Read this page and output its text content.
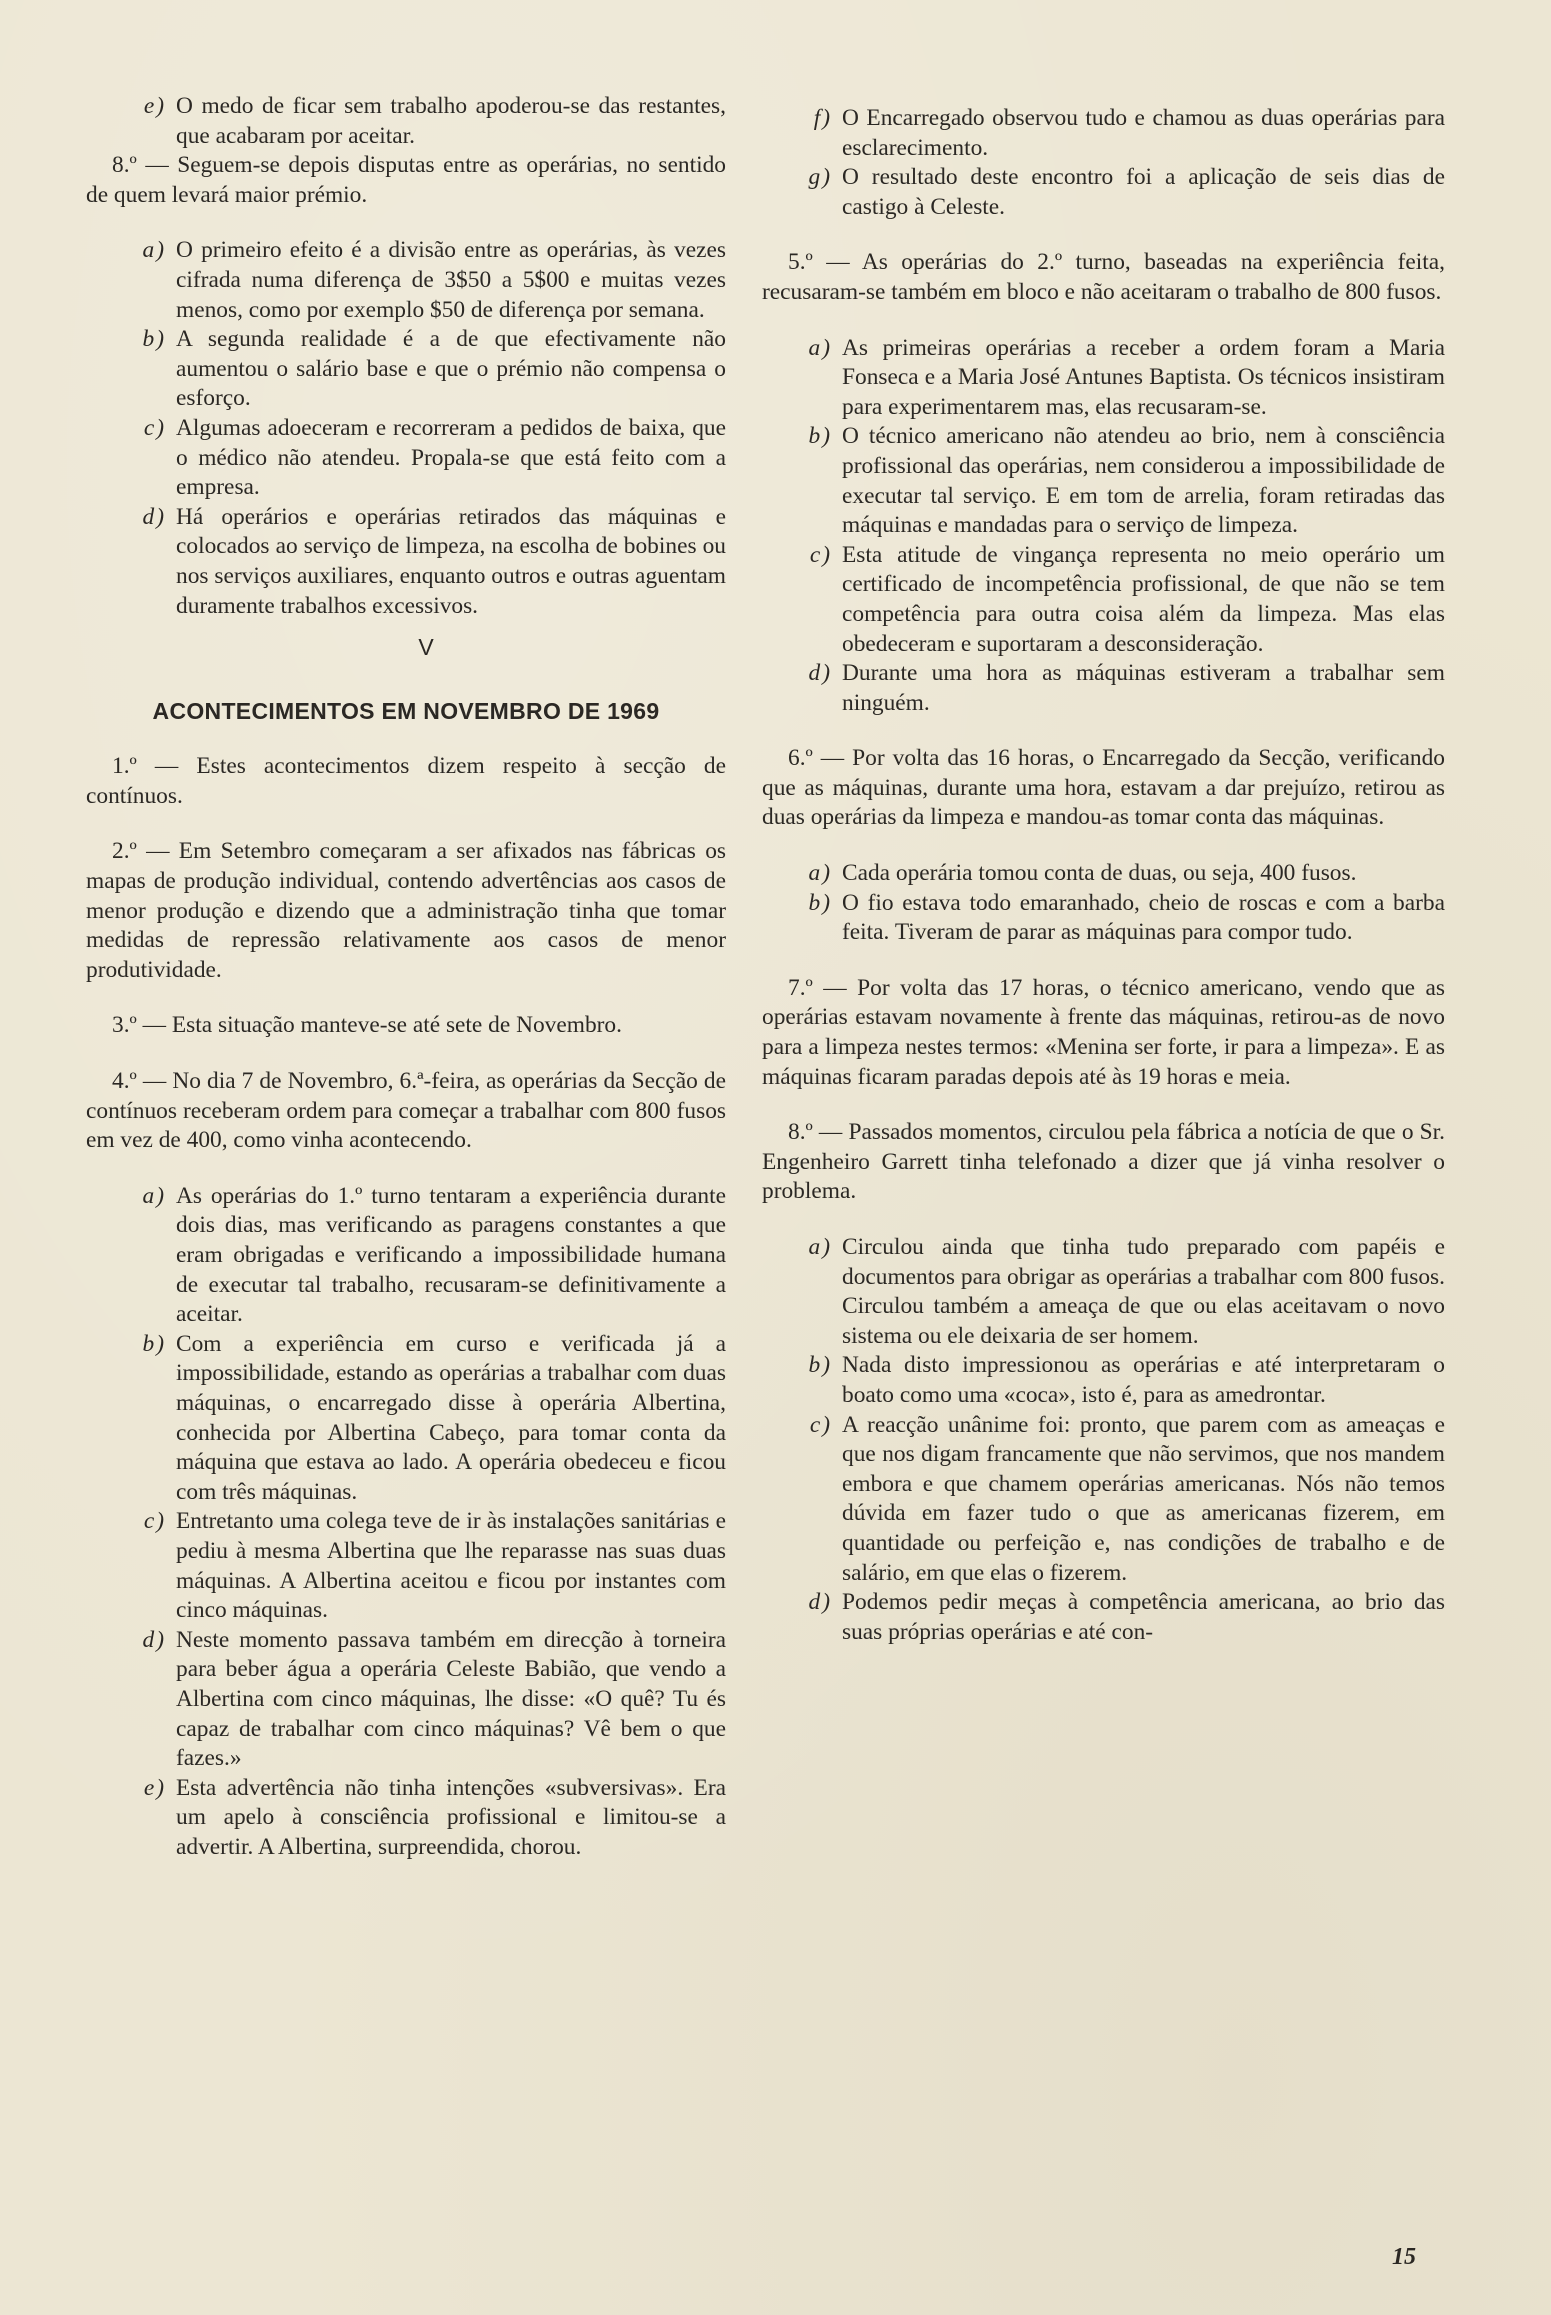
e) O medo de ficar sem trabalho apoderou-se das restantes, que acabaram por aceitar.

8.º — Seguem-se depois disputas entre as operárias, no sentido de quem levará maior prémio.

a) O primeiro efeito é a divisão entre as operárias, às vezes cifrada numa diferença de 3$50 a 5$00 e muitas vezes menos, como por exemplo $50 de diferença por semana.

b) A segunda realidade é a de que efectivamente não aumentou o salário base e que o prémio não compensa o esforço.

c) Algumas adoeceram e recorreram a pedidos de baixa, que o médico não atendeu. Propala-se que está feito com a empresa.

d) Há operários e operárias retirados das máquinas e colocados ao serviço de limpeza, na escolha de bobines ou nos serviços auxiliares, enquanto outros e outras aguentam duramente trabalhos excessivos.

V

ACONTECIMENTOS EM NOVEMBRO DE 1969

1.º — Estes acontecimentos dizem respeito à secção de contínuos.

2.º — Em Setembro começaram a ser afixados nas fábricas os mapas de produção individual, contendo advertências aos casos de menor produção e dizendo que a administração tinha que tomar medidas de repressão relativamente aos casos de menor produtividade.

3.º — Esta situação manteve-se até sete de Novembro.

4.º — No dia 7 de Novembro, 6.ª-feira, as operárias da Secção de contínuos receberam ordem para começar a trabalhar com 800 fusos em vez de 400, como vinha acontecendo.

a) As operárias do 1.º turno tentaram a experiência durante dois dias, mas verificando as paragens constantes a que eram obrigadas e verificando a impossibilidade humana de executar tal trabalho, recusaram-se definitivamente a aceitar.

b) Com a experiência em curso e verificada já a impossibilidade, estando as operárias a trabalhar com duas máquinas, o encarregado disse à operária Albertina, conhecida por Albertina Cabeço, para tomar conta da máquina que estava ao lado. A operária obedeceu e ficou com três máquinas.

c) Entretanto uma colega teve de ir às instalações sanitárias e pediu à mesma Albertina que lhe reparasse nas suas duas máquinas. A Albertina aceitou e ficou por instantes com cinco máquinas.

d) Neste momento passava também em direcção à torneira para beber água a operária Celeste Babião, que vendo a Albertina com cinco máquinas, lhe disse: «O quê? Tu és capaz de trabalhar com cinco máquinas? Vê bem o que fazes.»

e) Esta advertência não tinha intenções «subversivas». Era um apelo à consciência profissional e limitou-se a advertir. A Albertina, surpreendida, chorou.

f) O Encarregado observou tudo e chamou as duas operárias para esclarecimento.

g) O resultado deste encontro foi a aplicação de seis dias de castigo à Celeste.

5.º — As operárias do 2.º turno, baseadas na experiência feita, recusaram-se também em bloco e não aceitaram o trabalho de 800 fusos.

a) As primeiras operárias a receber a ordem foram a Maria Fonseca e a Maria José Antunes Baptista. Os técnicos insistiram para experimentarem mas, elas recusaram-se.

b) O técnico americano não atendeu ao brio, nem à consciência profissional das operárias, nem considerou a impossibilidade de executar tal serviço. E em tom de arrelia, foram retiradas das máquinas e mandadas para o serviço de limpeza.

c) Esta atitude de vingança representa no meio operário um certificado de incompetência profissional, de que não se tem competência para outra coisa além da limpeza. Mas elas obedeceram e suportaram a desconsideração.

d) Durante uma hora as máquinas estiveram a trabalhar sem ninguém.

6.º — Por volta das 16 horas, o Encarregado da Secção, verificando que as máquinas, durante uma hora, estavam a dar prejuízo, retirou as duas operárias da limpeza e mandou-as tomar conta das máquinas.

a) Cada operária tomou conta de duas, ou seja, 400 fusos.

b) O fio estava todo emaranhado, cheio de roscas e com a barba feita. Tiveram de parar as máquinas para compor tudo.

7.º — Por volta das 17 horas, o técnico americano, vendo que as operárias estavam novamente à frente das máquinas, retirou-as de novo para a limpeza nestes termos: «Menina ser forte, ir para a limpeza». E as máquinas ficaram paradas depois até às 19 horas e meia.

8.º — Passados momentos, circulou pela fábrica a notícia de que o Sr. Engenheiro Garrett tinha telefonado a dizer que já vinha resolver o problema.

a) Circulou ainda que tinha tudo preparado com papéis e documentos para obrigar as operárias a trabalhar com 800 fusos. Circulou também a ameaça de que ou elas aceitavam o novo sistema ou ele deixaria de ser homem.

b) Nada disto impressionou as operárias e até interpretaram o boato como uma «coca», isto é, para as amedrontar.

c) A reacção unânime foi: pronto, que parem com as ameaças e que nos digam francamente que não servimos, que nos mandem embora e que chamem operárias americanas. Nós não temos dúvida em fazer tudo o que as americanas fizerem, em quantidade ou perfeição e, nas condições de trabalho e de salário, em que elas o fizerem.

d) Podemos pedir meças à competência americana, ao brio das suas próprias operárias e até con-

15
